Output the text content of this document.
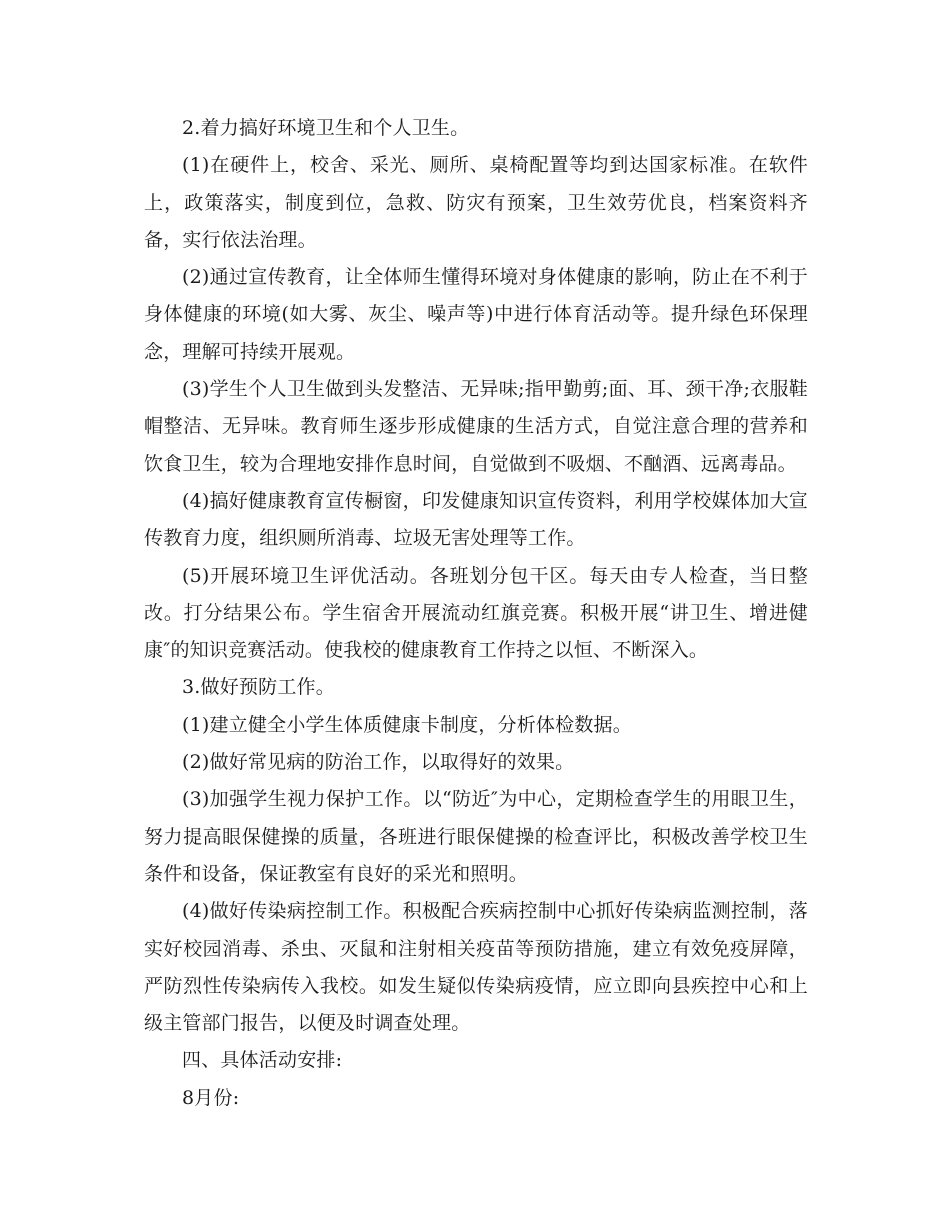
2.着力搞好环境卫生和个人卫生。

(1)在硬件上，校舍、采光、厕所、桌椅配置等均到达国家标准。在软件上，政策落实，制度到位，急救、防灾有预案，卫生效劳优良，档案资料齐备，实行依法治理。

(2)通过宣传教育，让全体师生懂得环境对身体健康的影响，防止在不利于身体健康的环境(如大雾、灰尘、噪声等)中进行体育活动等。提升绿色环保理念，理解可持续开展观。

(3)学生个人卫生做到头发整洁、无异味;指甲勤剪;面、耳、颈干净;衣服鞋帽整洁、无异味。教育师生逐步形成健康的生活方式，自觉注意合理的营养和饮食卫生，较为合理地安排作息时间，自觉做到不吸烟、不酗酒、远离毒品。

(4)搞好健康教育宣传橱窗，印发健康知识宣传资料，利用学校媒体加大宣传教育力度，组织厕所消毒、垃圾无害处理等工作。

(5)开展环境卫生评优活动。各班划分包干区。每天由专人检查，当日整改。打分结果公布。学生宿舍开展流动红旗竞赛。积极开展“讲卫生、增进健康″的知识竞赛活动。使我校的健康教育工作持之以恒、不断深入。

3.做好预防工作。

(1)建立健全小学生体质健康卡制度，分析体检数据。

(2)做好常见病的防治工作，以取得好的效果。

(3)加强学生视力保护工作。以“防近″为中心，定期检查学生的用眼卫生，努力提高眼保健操的质量，各班进行眼保健操的检查评比，积极改善学校卫生条件和设备，保证教室有良好的采光和照明。

(4)做好传染病控制工作。积极配合疾病控制中心抓好传染病监测控制，落实好校园消毒、杀虫、灭鼠和注射相关疫苗等预防措施，建立有效免疫屏障，严防烈性传染病传入我校。如发生疑似传染病疫情，应立即向县疾控中心和上级主管部门报告，以便及时调查处理。

四、具体活动安排:

8月份:
